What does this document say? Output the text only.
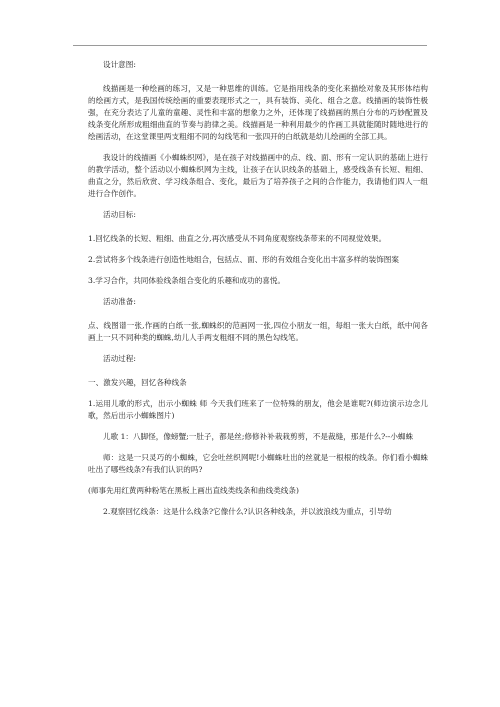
设计意图:

线描画是一种绘画的练习，又是一种思维的训练。它是指用线条的变化来描绘对象及其形体结构的绘画方式，是我国传统绘画的重要表现形式之一，具有装饰、美化、组合之意。线描画的装饰性极强，在充分表达了儿童的童趣、灵性和丰富的想象力之外，还体现了线描画的黑白分布的巧妙配置及线条变化所形成粗细曲直的节奏与韵律之美。线描画是一种利用最少的作画工具就能随时随地进行的绘画活动，在这堂课里两支粗细不同的勾线笔和一张四开的白纸就是幼儿绘画的全部工具。

我设计的线描画《小蜘蛛织网》，是在孩子对线描画中的点、线、面、形有一定认识的基础上进行的教学活动，整个活动以小蜘蛛织网为主线，让孩子在认识线条的基础上，感受线条有长短、粗细、曲直之分，然后欣赏、学习线条组合、变化，最后为了培养孩子之间的合作能力，我请他们四人一组进行合作创作。

活动目标:

1.回忆线条的长短、粗细、曲直之分,再次感受从不同角度观察线条带来的不同视觉效果。

2.尝试将多个线条进行创造性地组合，包括点、面、形的有效组合变化出丰富多样的装饰图案

3.学习合作，共同体验线条组合变化的乐趣和成功的喜悦。

活动准备:

点、线图谱一张,作画的白纸一张,蜘蛛织的范画网一张,四位小朋友一组，每组一张大白纸，纸中间各画上一只不同种类的蜘蛛,幼儿人手两支粗细不同的黑色勾线笔。

活动过程:

一、激发兴趣，回忆各种线条

1.运用儿歌的形式，出示小蜘蛛 师 今天我们班来了一位特殊的朋友，他会是谁呢?(师边演示边念儿歌，然后出示小蜘蛛图片)

儿歌 1：八脚怪，像螃蟹;一肚子，都是丝;修修补补栽栽剪剪，不是裁缝，那是什么?--小蜘蛛

师：这是一只灵巧的小蜘蛛，它会吐丝织网呢!小蜘蛛吐出的丝就是一根根的线条。你们看小蜘蛛吐出了哪些线条?有我们认识的吗?

(师事先用红黄两种粉笔在黑板上画出直线类线条和曲线类线条)

2.观察回忆线条：这是什么线条?它像什么?认识各种线条，并以波浪线为重点，引导幼
